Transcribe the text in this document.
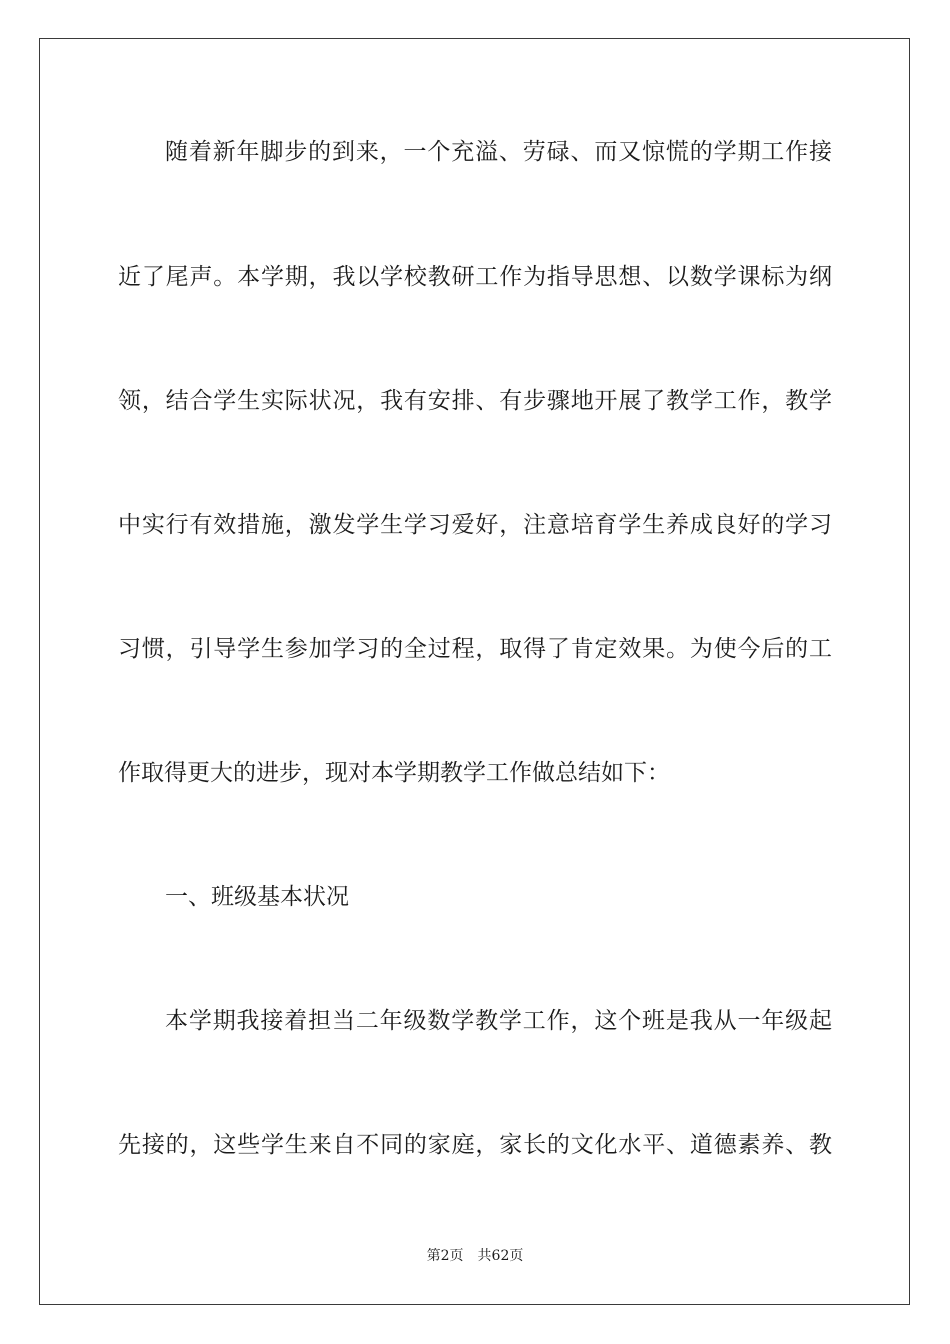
随着新年脚步的到来，一个充溢、劳碌、而又惊慌的学期工作接
近了尾声。本学期，我以学校教研工作为指导思想、以数学课标为纲
领，结合学生实际状况，我有安排、有步骤地开展了教学工作，教学
中实行有效措施，激发学生学习爱好，注意培育学生养成良好的学习
习惯，引导学生参加学习的全过程，取得了肯定效果。为使今后的工
作取得更大的进步，现对本学期教学工作做总结如下：
一、班级基本状况
本学期我接着担当二年级数学教学工作，这个班是我从一年级起
先接的，这些学生来自不同的家庭，家长的文化水平、道德素养、教
第2页 共62页
